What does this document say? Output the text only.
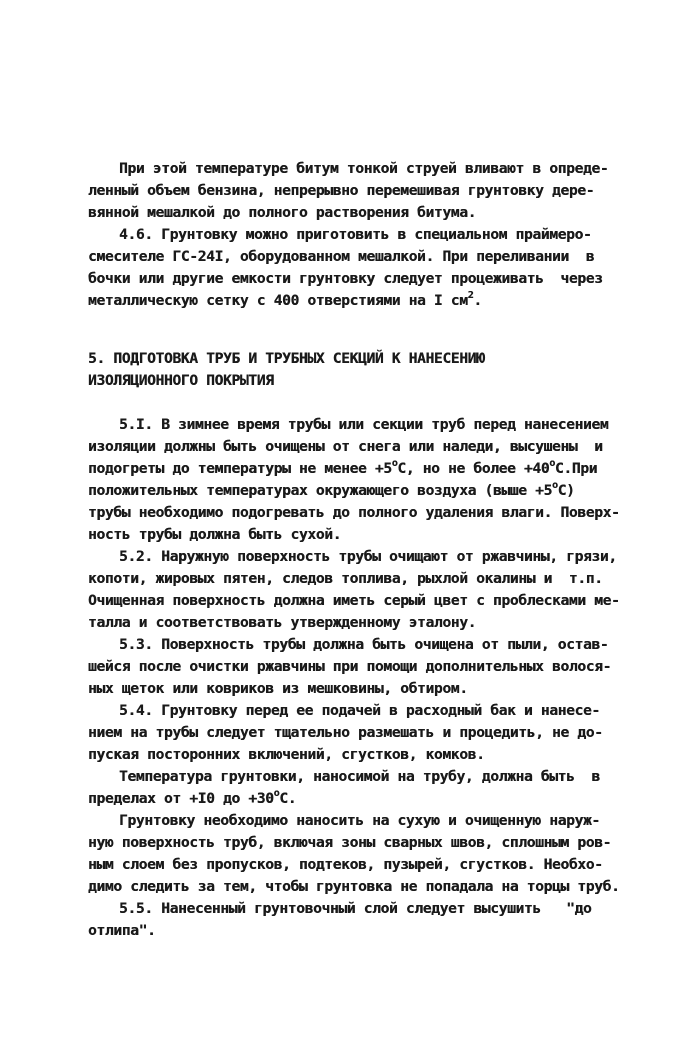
При этой температуре битум тонкой струей вливают в опреде-
ленный объем бензина, непрерывно перемешивая грунтовку дере-
вянной мешалкой до полного растворения битума.
4.6. Грунтовку можно приготовить в специальном праймеро-
смесителе ГС-24I, оборудованном мешалкой. При переливании  в
бочки или другие емкости грунтовку следует процеживать  через
металлическую сетку с 400 отверстиями на I $см^2$.
5. ПОДГОТОВКА ТРУБ И ТРУБНЫХ СЕКЦИЙ К НАНЕСЕНИЮ
ИЗОЛЯЦИОННОГО ПОКРЫТИЯ
5.I. В зимнее время трубы или секции труб перед нанесением
изоляции должны быть очищены от снега или наледи, высушены  и
подогреты до температуры не менее $+5^оС$, но не более $+40^оС.При$
положительных температурах окружающего воздуха (выше $+5^оС$)
трубы необходимо подогревать до полного удаления влаги. Поверх-
ность трубы должна быть сухой.
5.2. Наружную поверхность трубы очищают от ржавчины, грязи,
копоти, жировых пятен, следов топлива, рыхлой окалины и  т.п.
Очищенная поверхность должна иметь серый цвет с проблесками ме-
талла и соответствовать утвержденному эталону.
5.3. Поверхность трубы должна быть очищена от пыли, остав-
шейся после очистки ржавчины при помощи дополнительных волося-
ных щеток или ковриков из мешковины, обтиром.
5.4. Грунтовку перед ее подачей в расходный бак и нанесе-
нием на трубы следует тщательно размешать и процедить, не до-
пуская посторонних включений, сгустков, комков.
Температура грунтовки, наносимой на трубу, должна быть  в
пределах от +I0 до $+30^оС$.
Грунтовку необходимо наносить на сухую и очищенную наруж-
ную поверхность труб, включая зоны сварных швов, сплошным ров-
ным слоем без пропусков, подтеков, пузырей, сгустков. Необхо-
димо следить за тем, чтобы грунтовка не попадала на торцы труб.
5.5. Нанесенный грунтовочный слой следует высушить   "до
отлипа".
